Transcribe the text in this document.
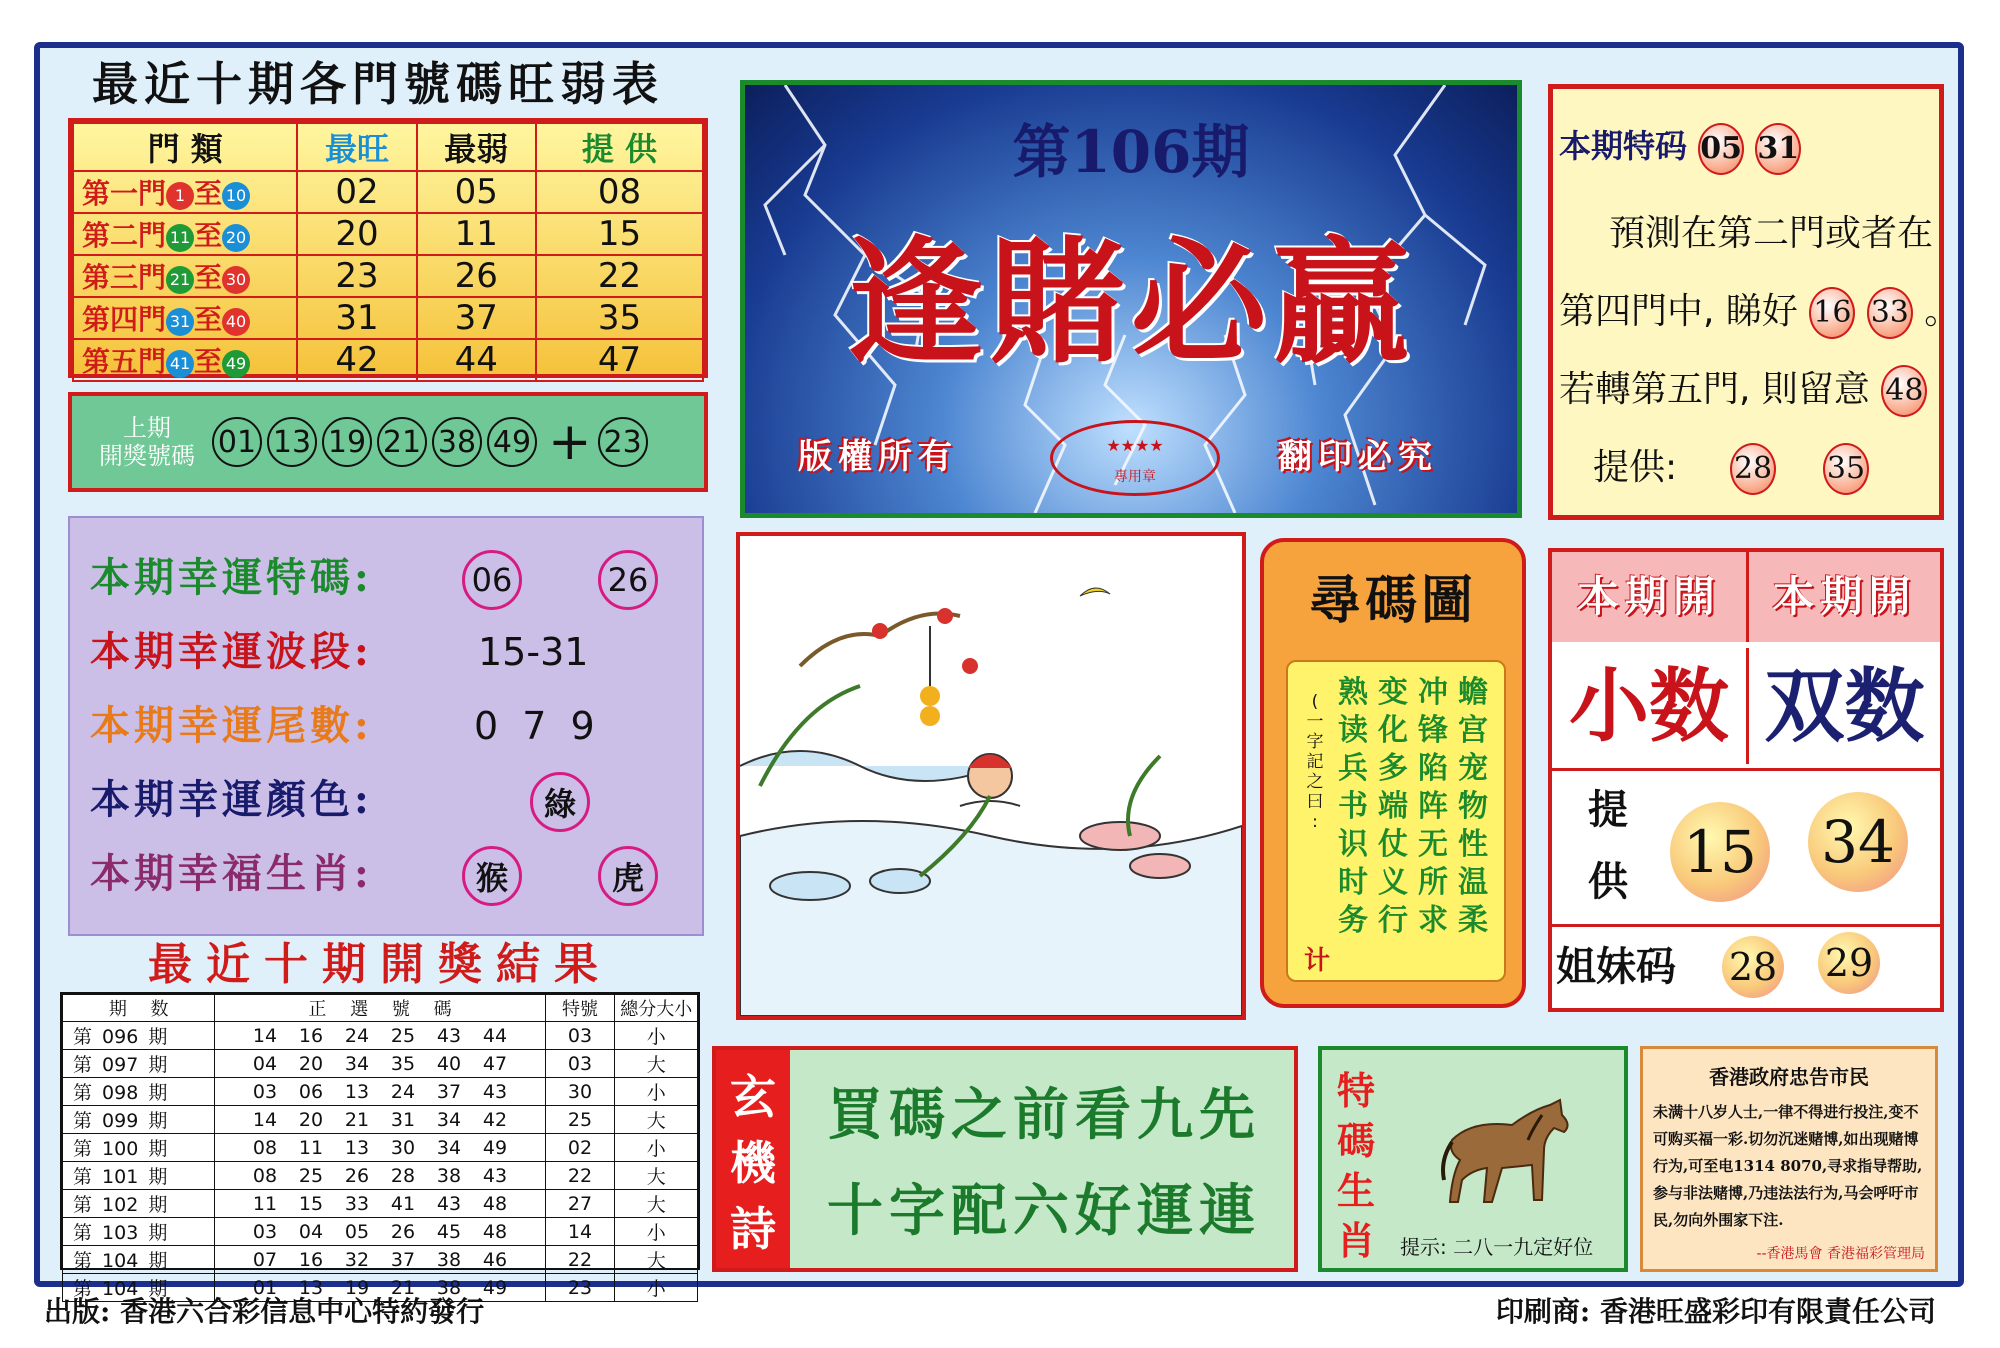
最近十期各門號碼旺弱表
門 類	最旺	最弱	提 供
第一門 1 至 10	02	05	08
第二門 11 至 20	20	11	15
第三門 21 至 30	23	26	22
第四門 31 至 40	31	37	35
第五門 41 至 49	42	44	47
上期
開獎號碼 01 13 19 21 38 49 + 23
本期幸運特碼:	06	26
本期幸運波段:	15-31
本期幸運尾數:	0 7 9
本期幸運顏色:	綠
本期幸福生肖:	猴	虎
最近十期開獎結果
期 数	正 選 號 碼	特號	總分大小
第 096 期	14 16 24 25 43 44	03	小
第 097 期	04 20 34 35 40 47	03	大
第 098 期	03 06 13 24 37 43	30	小
第 099 期	14 20 21 31 34 42	25	大
第 100 期	08 11 13 30 34 49	02	小
第 101 期	08 25 26 28 38 43	22	大
第 102 期	11 15 33 41 43 48	27	大
第 103 期	03 04 05 26 45 48	14	小
第 104 期	07 16 32 37 38 46	22	大
第 104 期	01 13 19 21 38 49	23	小
第106期
逢賭必贏
版權所有	翻印必究
★★★★
專用章
本期特码 05 31
預測在第二門或者在
第四門中, 睇好 16 33 。
若轉第五門, 則留意 48
提供: 28 35
尋碼圖
蟾
宫
宠
物
性
温
柔
冲
锋
陷
阵
无
所
求
变
化
多
端
仗
义
行
熟
读
兵
书
识
时
务
(
一
字
記
之
曰
:
计
本期開	本期開
小数 双数
提
供 15 34
姐妹码 28 29
玄
機
詩
買碼之前看九先
十字配六好運連
特
碼
生
肖 提示: 二八一九定好位
香港政府忠告市民
未满十八岁人士,一律不得进行投注,变不可购买福一彩.切勿沉迷赌博,如出现赌博行为,可至电1314 8070,寻求指导帮助,参与非法赌博,乃违法法行为,马会呼吁市民,勿向外围家下注.
--香港馬會 香港福彩管理局
出版: 香港六合彩信息中心特約發行	印刷商: 香港旺盛彩印有限責任公司
